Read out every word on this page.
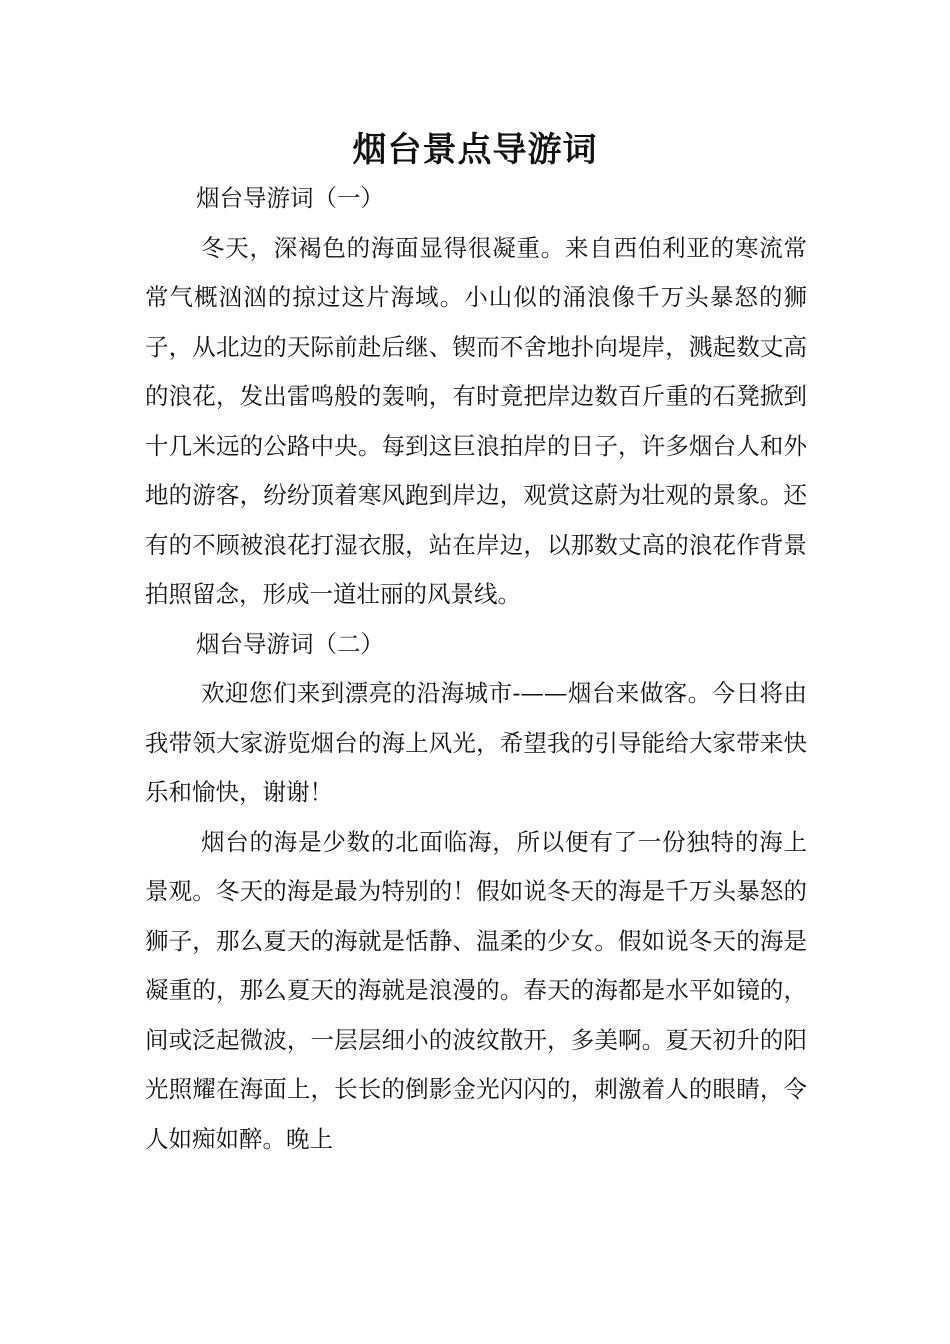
烟台景点导游词

烟台导游词（一）

冬天，深褐色的海面显得很凝重。来自西伯利亚的寒流常常气概汹汹的掠过这片海域。小山似的涌浪像千万头暴怒的狮子，从北边的天际前赴后继、锲而不舍地扑向堤岸，溅起数丈高的浪花，发出雷鸣般的轰响，有时竟把岸边数百斤重的石凳掀到十几米远的公路中央。每到这巨浪拍岸的日子，许多烟台人和外地的游客，纷纷顶着寒风跑到岸边，观赏这蔚为壮观的景象。还有的不顾被浪花打湿衣服，站在岸边，以那数丈高的浪花作背景拍照留念，形成一道壮丽的风景线。

烟台导游词（二）

欢迎您们来到漂亮的沿海城市-——烟台来做客。今日将由我带领大家游览烟台的海上风光，希望我的引导能给大家带来快乐和愉快，谢谢！

烟台的海是少数的北面临海，所以便有了一份独特的海上景观。冬天的海是最为特别的！假如说冬天的海是千万头暴怒的狮子，那么夏天的海就是恬静、温柔的少女。假如说冬天的海是凝重的，那么夏天的海就是浪漫的。春天的海都是水平如镜的，间或泛起微波，一层层细小的波纹散开，多美啊。夏天初升的阳光照耀在海面上，长长的倒影金光闪闪的，刺激着人的眼睛，令人如痴如醉。晚上
